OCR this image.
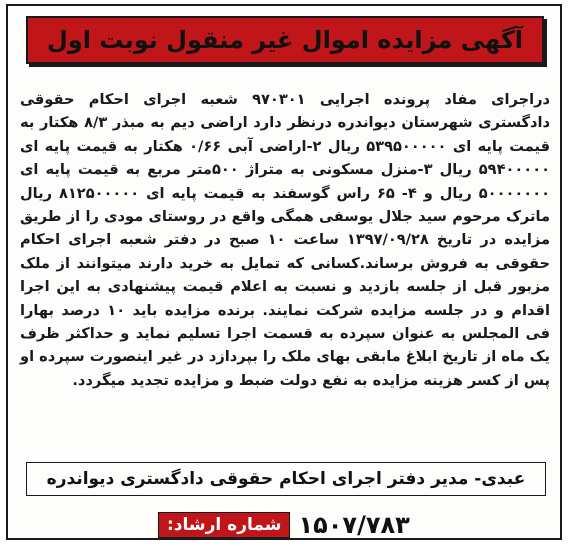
آگهی مزایده اموال غیر منقول نوبت اول

دراجرای مفاد پرونده اجرایی ۹۷۰۳۰۱ شعبه اجرای احکام حقوقی دادگستری شهرستان دیواندره درنظر دارد اراضی دیم به مبذر ۸/۳ هکتار به قیمت پایه ای ۵۳۹۵۰۰۰۰۰ ریال ۲-اراضی آبی ۰/۶۶ هکتار به قیمت پایه ای ۵۹۴۰۰۰۰۰ ریال ۳-منزل مسکونی به متراژ ۵۰۰متر مربع به قیمت پایه ای ۵۰۰۰۰۰۰۰ ریال و ۴- ۶۵ راس گوسفند به قیمت پایه ای ۸۱۲۵۰۰۰۰۰ ریال ماترک مرحوم سید جلال یوسفی همگی واقع در روستای مودی را از طریق مزایده در تاریخ ۱۳۹۷/۰۹/۲۸ ساعت ۱۰ صبح در دفتر شعبه اجرای احکام حقوقی به فروش برساند.کسانی که تمایل به خرید دارند میتوانند از ملک مزبور قبل از جلسه بازدید و نسبت به اعلام قیمت پیشنهادی به این اجرا اقدام و در جلسه مزایده شرکت نمایند. برنده مزایده باید ۱۰ درصد بهارا فی المجلس به عنوان سپرده به قسمت اجرا تسلیم نماید و حداکثر ظرف یک ماه از تاریخ ابلاغ مابقی بهای ملک را بپردازد در غیر اینصورت سپرده او پس از کسر هزینه مزایده به نفع دولت ضبط و مزایده تجدید میگردد.

عبدی- مدیر دفتر اجرای احکام حقوقی دادگستری دیواندره
شماره ارشاد: ۱۵۰۷/۷۸۳
